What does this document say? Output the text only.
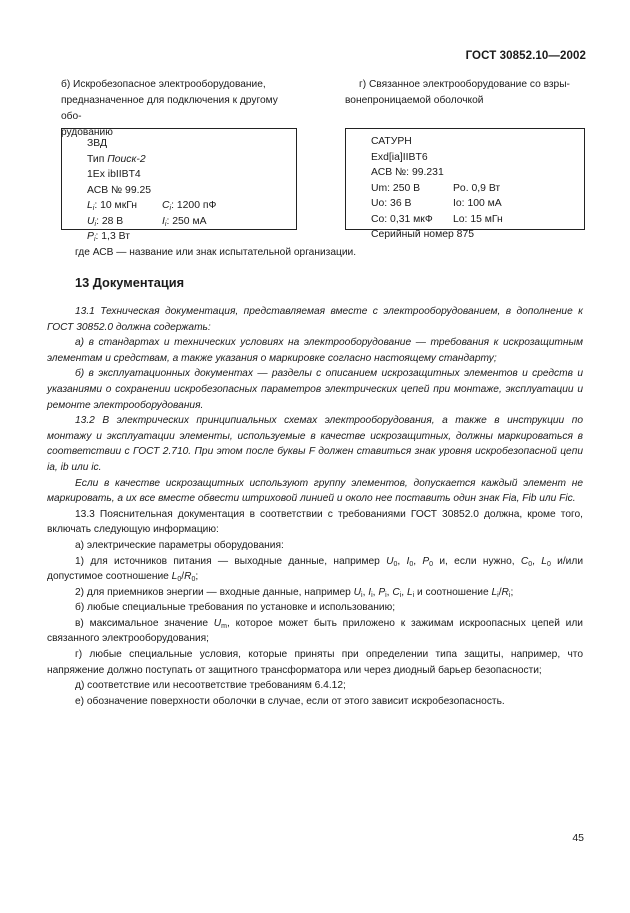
ГОСТ 30852.10—2002
б) Искробезопасное электрооборудование,
предназначенное для подключения к другому обо-
рудованию
г) Связанное электрооборудование со взры-
вонепроницаемой оболочкой
ЗВД
Тип Поиск-2
1Ex ibIIBT4
АСВ № 99.25
$L_i$: 10 мкГн $C_i$: 1200 пФ
$U_i$: 28 В	$I_i$: 250 мА
$P_i$: 1,3 Вт
САТУРН
Exd[ia]IIBT6
АСВ №: 99.231
Um: 250 В	Po. 0,9 Вт
Uo: 36 В	Io: 100 мА
Co: 0,31 мкФ Lo: 15 мГн
Серийный номер 875
где АСВ — название или знак испытательной организации.
13 Документация

13.1 Техническая документация, представляемая вместе с электрооборудованием, в дополнение к ГОСТ 30852.0 должна содержать:

а) в стандартах и технических условиях на электрооборудование — требования к искрозащитным элементам и средствам, а также указания о маркировке согласно настоящему стандарту;

б) в эксплуатационных документах — разделы с описанием искрозащитных элементов и средств и указаниями о сохранении искробезопасных параметров электрических цепей при монтаже, эксплуатации и ремонте электрооборудования.

13.2 В электрических принципиальных схемах электрооборудования, а также в инструкции по монтажу и эксплуатации элементы, используемые в качестве искрозащитных, должны маркироваться в соответствии с ГОСТ 2.710. При этом после буквы F должен ставиться знак уровня искробезопасной цепи ia, ib или ic.

Если в качестве искрозащитных используют группу элементов, допускается каждый элемент не маркировать, а их все вместе обвести штриховой линией и около нее поставить один знак Fia, Fib или Fic.

13.3 Пояснительная документация в соответствии с требованиями ГОСТ 30852.0 должна, кроме того, включать следующую информацию:

а) электрические параметры оборудования:

1) для источников питания — выходные данные, например $U_0$, $I_0$, $P_0$ и, если нужно, $C_0$, $L_0$ и/или допустимое соотношение $L_0/R_0$;

2) для приемников энергии — входные данные, например $U_i$, $I_i$, $P_i$, $C_i$, $L_i$ и соотношение $L_i/R_i$;

б) любые специальные требования по установке и использованию;

в) максимальное значение $U_m$, которое может быть приложено к зажимам искроопасных цепей или связанного электрооборудования;

г) любые специальные условия, которые приняты при определении типа защиты, например, что напряжение должно поступать от защитного трансформатора или через диодный барьер безопасности;

д) соответствие или несоответствие требованиям 6.4.12;

е) обозначение поверхности оболочки в случае, если от этого зависит искробезопасность.

45
